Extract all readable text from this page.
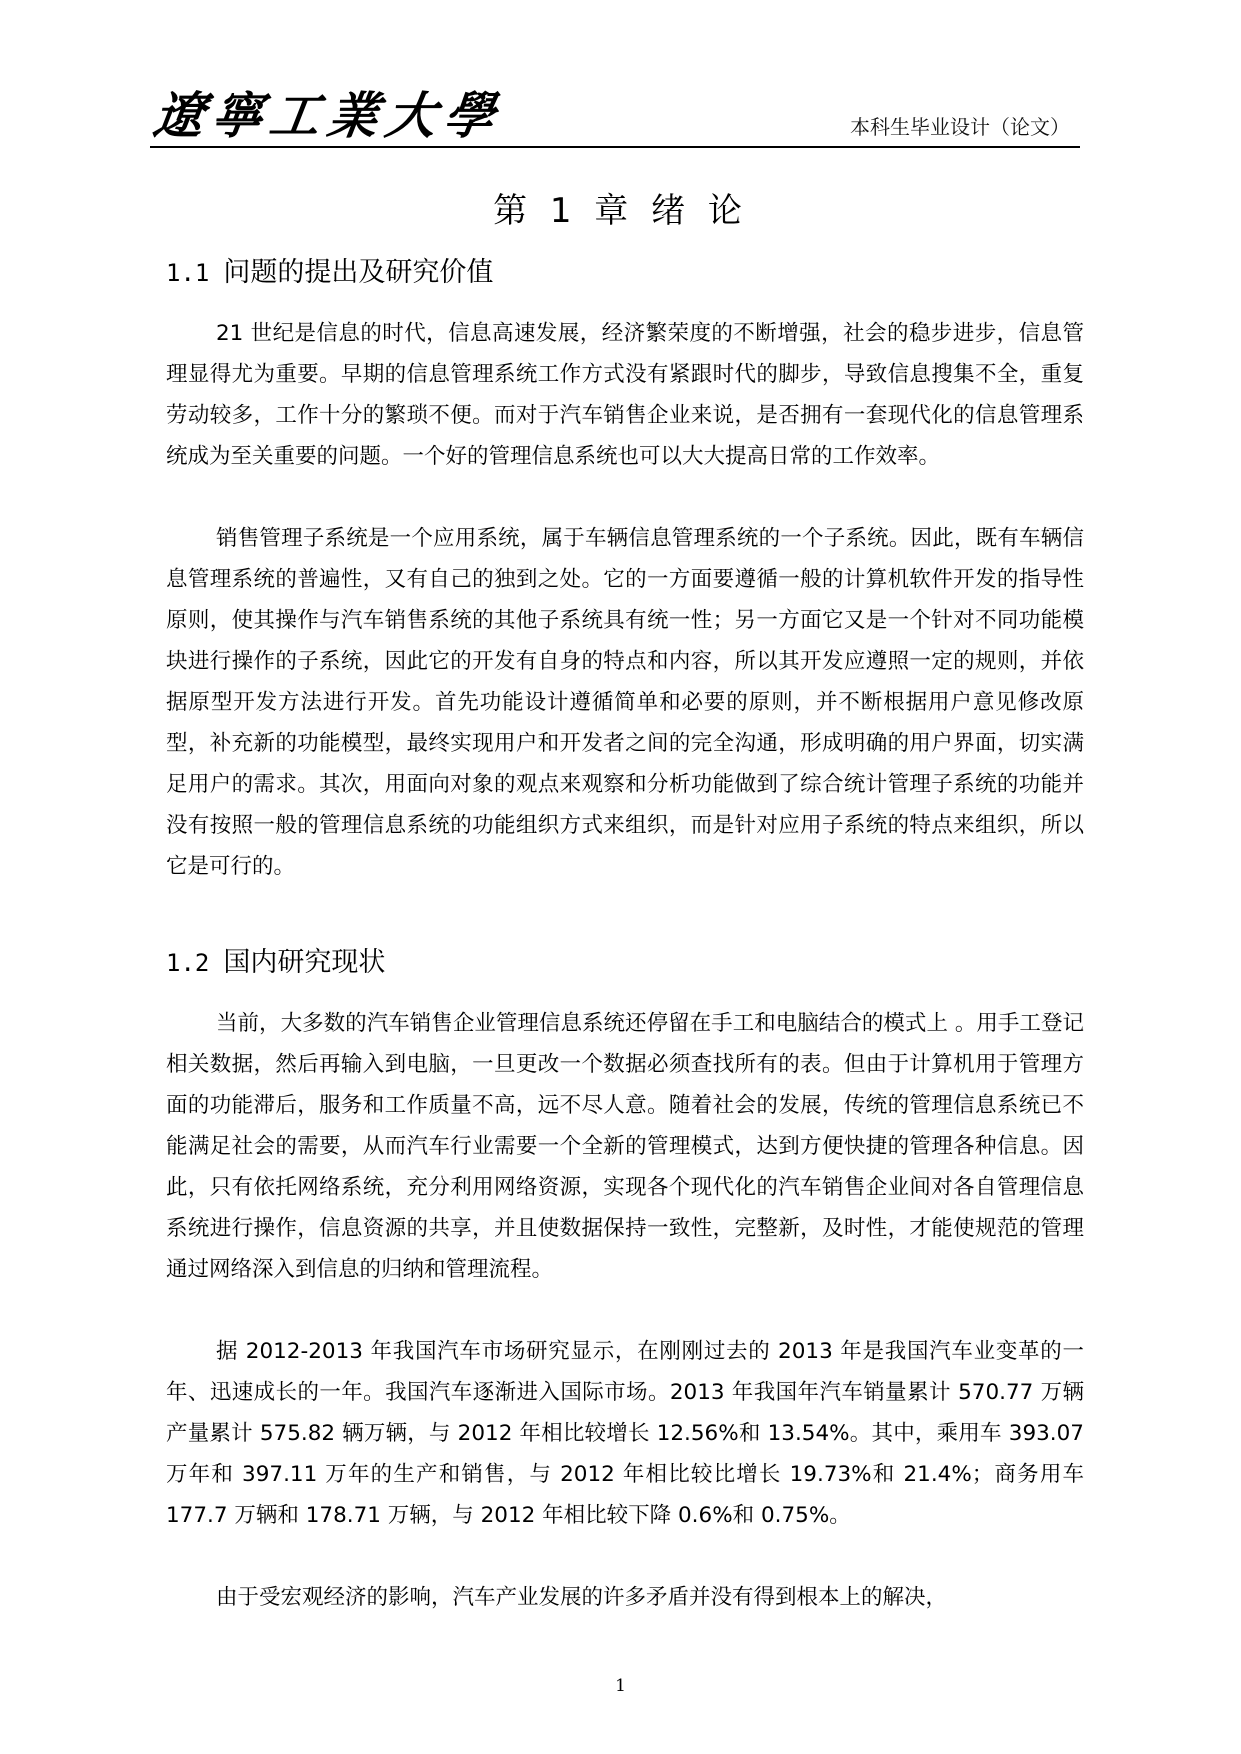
遼寧工業大學	本科生毕业设计（论文）
第 1 章 绪 论
1.1 问题的提出及研究价值

21 世纪是信息的时代，信息高速发展，经济繁荣度的不断增强，社会的稳步进步，信息管理显得尤为重要。早期的信息管理系统工作方式没有紧跟时代的脚步，导致信息搜集不全，重复劳动较多，工作十分的繁琐不便。而对于汽车销售企业来说，是否拥有一套现代化的信息管理系统成为至关重要的问题。一个好的管理信息系统也可以大大提高日常的工作效率。

销售管理子系统是一个应用系统，属于车辆信息管理系统的一个子系统。因此，既有车辆信息管理系统的普遍性，又有自己的独到之处。它的一方面要遵循一般的计算机软件开发的指导性原则，使其操作与汽车销售系统的其他子系统具有统一性；另一方面它又是一个针对不同功能模块进行操作的子系统，因此它的开发有自身的特点和内容，所以其开发应遵照一定的规则，并依据原型开发方法进行开发。首先功能设计遵循简单和必要的原则，并不断根据用户意见修改原型，补充新的功能模型，最终实现用户和开发者之间的完全沟通，形成明确的用户界面，切实满足用户的需求。其次，用面向对象的观点来观察和分析功能做到了综合统计管理子系统的功能并没有按照一般的管理信息系统的功能组织方式来组织，而是针对应用子系统的特点来组织，所以它是可行的。

1.2 国内研究现状

当前，大多数的汽车销售企业管理信息系统还停留在手工和电脑结合的模式上 。用手工登记相关数据，然后再输入到电脑，一旦更改一个数据必须查找所有的表。但由于计算机用于管理方面的功能滞后，服务和工作质量不高，远不尽人意。随着社会的发展，传统的管理信息系统已不能满足社会的需要，从而汽车行业需要一个全新的管理模式，达到方便快捷的管理各种信息。因此，只有依托网络系统，充分利用网络资源，实现各个现代化的汽车销售企业间对各自管理信息系统进行操作，信息资源的共享，并且使数据保持一致性，完整新，及时性，才能使规范的管理通过网络深入到信息的归纳和管理流程。

据 2012-2013 年我国汽车市场研究显示，在刚刚过去的 2013 年是我国汽车业变革的一年、迅速成长的一年。我国汽车逐渐进入国际市场。2013 年我国年汽车销量累计 570.77 万辆产量累计 575.82 辆万辆，与 2012 年相比较增长 12.56%和 13.54%。其中，乘用车 393.07 万年和 397.11 万年的生产和销售，与 2012 年相比较比增长 19.73%和 21.4%；商务用车 177.7 万辆和 178.71 万辆，与 2012 年相比较下降 0.6%和 0.75%。

由于受宏观经济的影响，汽车产业发展的许多矛盾并没有得到根本上的解决，

1
